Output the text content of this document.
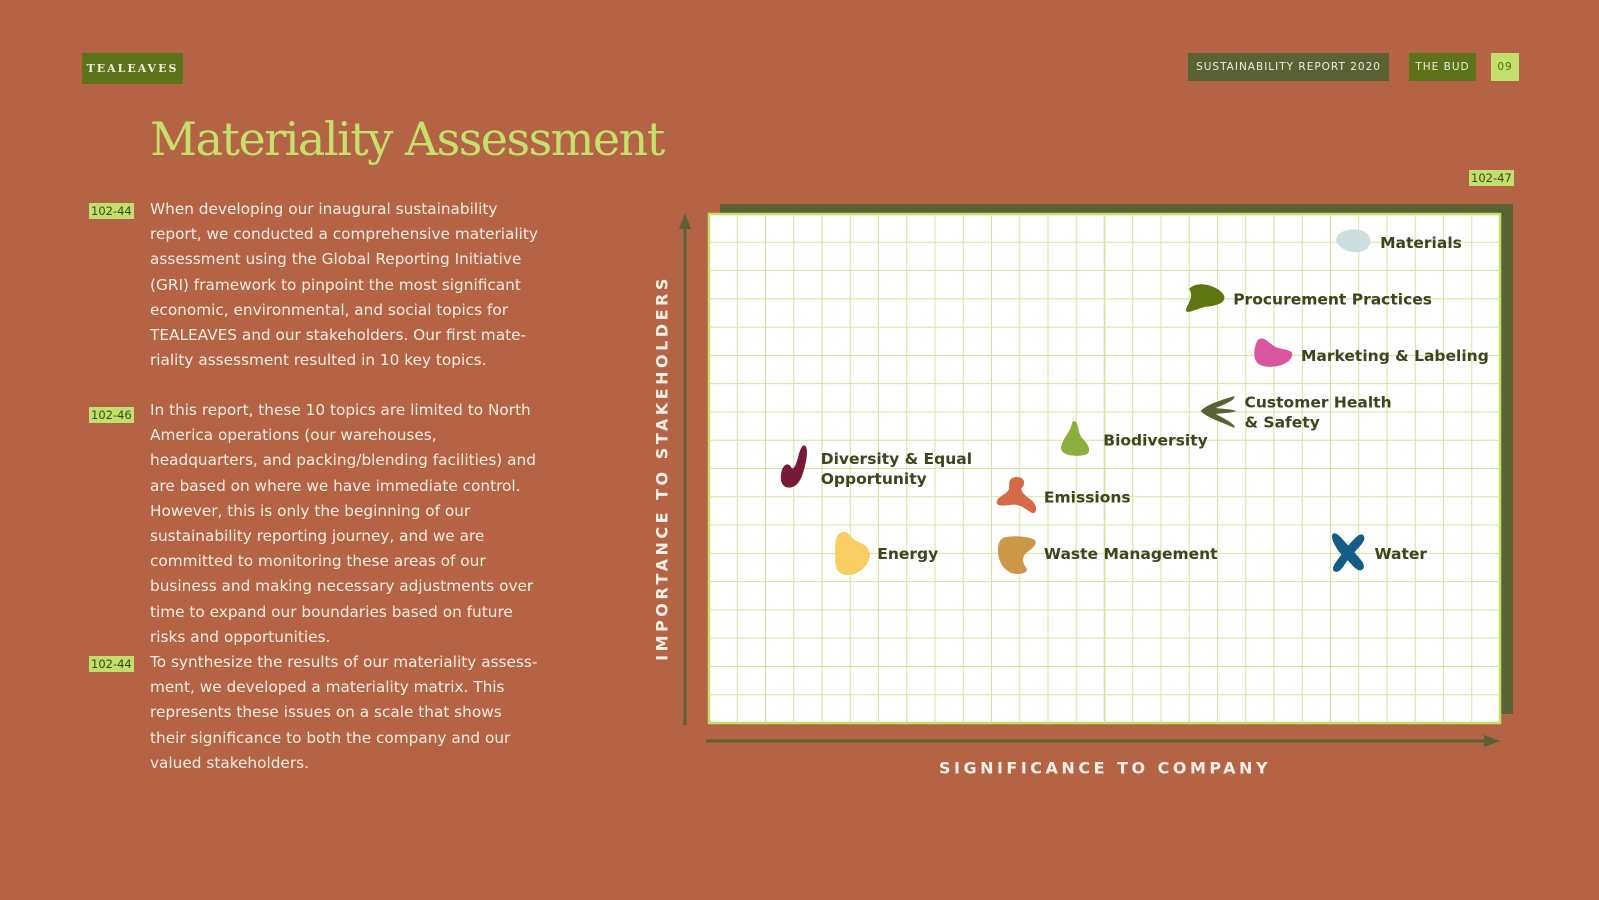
TEALEAVES	SUSTAINABILITY REPORT 2020	THE BUD	09
Materiality Assessment
102-44 When developing our inaugural sustainability report, we conducted a comprehensive materiality assessment using the Global Reporting Initiative (GRI) framework to pinpoint the most significant economic, environmental, and social topics for TEALEAVES and our stakeholders. Our first materiality assessment resulted in 10 key topics.
102-46 In this report, these 10 topics are limited to North America operations (our warehouses, headquarters, and packing/blending facilities) and are based on where we have immediate control. However, this is only the beginning of our sustainability reporting journey, and we are committed to monitoring these areas of our business and making necessary adjustments over time to expand our boundaries based on future risks and opportunities.
102-44 To synthesize the results of our materiality assessment, we developed a materiality matrix. This represents these issues on a scale that shows their significance to both the company and our valued stakeholders.
102-47
Materials
Procurement Practices
Marketing & Labeling
Customer Health
& Safety
Biodiversity
Diversity & Equal
Opportunity
Emissions
Energy	Waste Management	Water
IMPORTANCE TO STAKEHOLDERS
SIGNIFICANCE TO COMPANY
